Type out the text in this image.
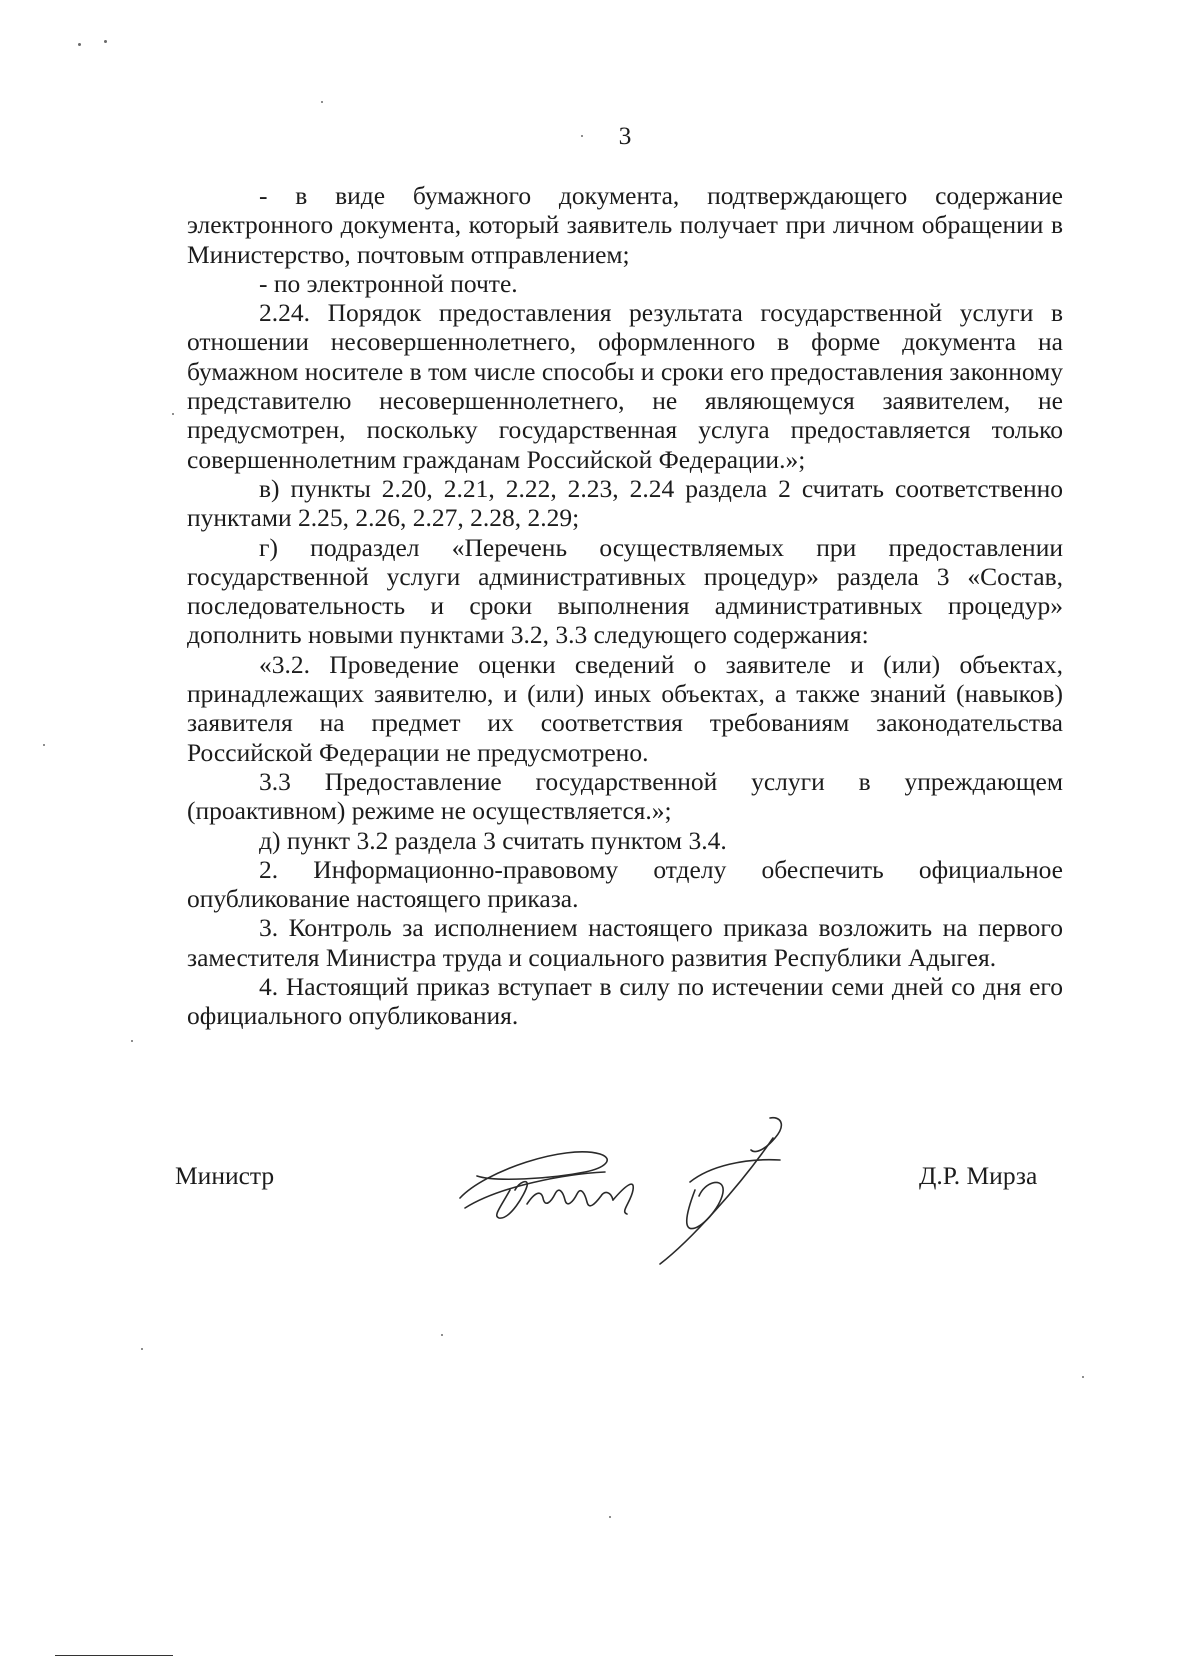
3

- в виде бумажного документа, подтверждающего содержание электронного документа, который заявитель получает при личном обращении в Министерство, почтовым отправлением;

- по электронной почте.

2.24. Порядок предоставления результата государственной услуги в отношении несовершеннолетнего, оформленного в форме документа на бумажном носителе в том числе способы и сроки его предоставления законному представителю несовершеннолетнего, не являющемуся заявителем, не предусмотрен, поскольку государственная услуга предоставляется только совершеннолетним гражданам Российской Федерации.»;

в) пункты 2.20, 2.21, 2.22, 2.23, 2.24 раздела 2 считать соответственно пунктами 2.25, 2.26, 2.27, 2.28, 2.29;

г) подраздел «Перечень осуществляемых при предоставлении государственной услуги административных процедур» раздела 3 «Состав, последовательность и сроки выполнения административных процедур» дополнить новыми пунктами 3.2, 3.3 следующего содержания:

«3.2. Проведение оценки сведений о заявителе и (или) объектах, принадлежащих заявителю, и (или) иных объектах, а также знаний (навыков) заявителя на предмет их соответствия требованиям законодательства Российской Федерации не предусмотрено.

3.3 Предоставление государственной услуги в упреждающем (проактивном) режиме не осуществляется.»;

д) пункт 3.2 раздела 3 считать пунктом 3.4.

2. Информационно-правовому отделу обеспечить официальное опубликование настоящего приказа.

3. Контроль за исполнением настоящего приказа возложить на первого заместителя Министра труда и социального развития Республики Адыгея.

4. Настоящий приказ вступает в силу по истечении семи дней со дня его официального опубликования.

Министр	Д.Р. Мирза
